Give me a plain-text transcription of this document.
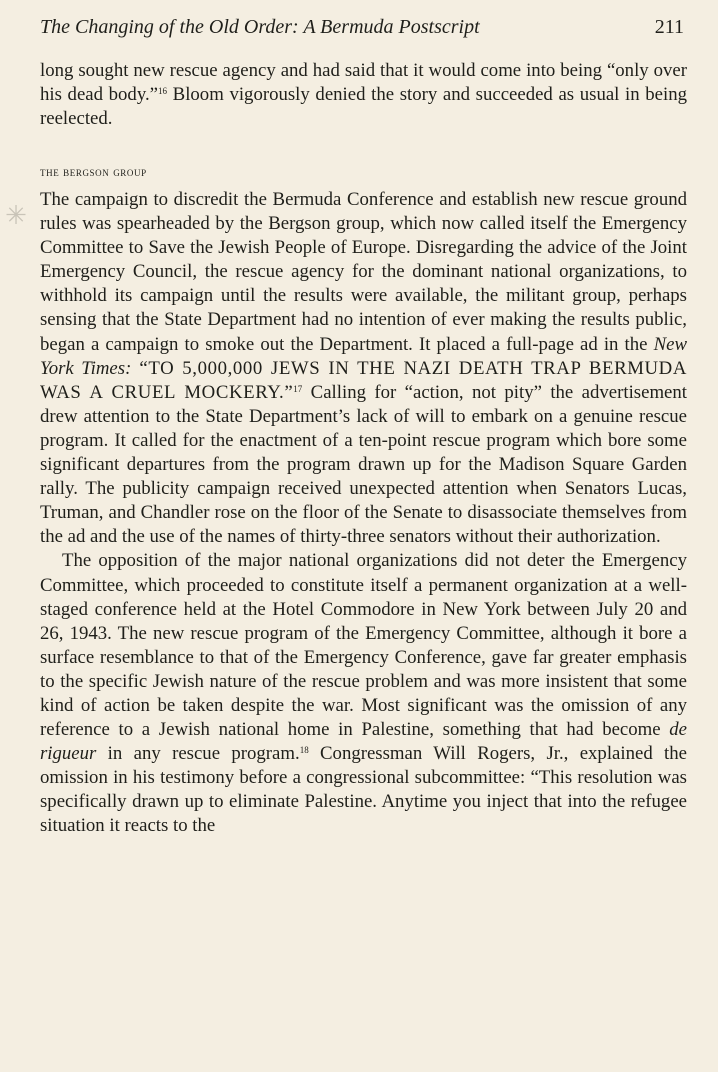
The Changing of the Old Order: A Bermuda Postscript	211

long sought new rescue agency and had said that it would come into being “only over his dead body.”$^{16}$ Bloom vigorously denied the story and succeeded as usual in being reelected.

the bergson group
✳

The campaign to discredit the Bermuda Conference and establish new rescue ground rules was spearheaded by the Bergson group, which now called itself the Emergency Committee to Save the Jewish People of Europe. Disregarding the advice of the Joint Emergency Council, the rescue agency for the dominant national organizations, to withhold its campaign until the results were available, the militant group, perhaps sensing that the State Department had no intention of ever making the results public, began a campaign to smoke out the Department. It placed a full-page ad in the New York Times: “TO 5,000,000 JEWS IN THE NAZI DEATH TRAP BERMUDA WAS A CRUEL MOCKERY.”$^{17}$ Calling for “action, not pity” the advertisement drew attention to the State Department’s lack of will to embark on a genuine rescue program. It called for the enactment of a ten-point rescue program which bore some significant departures from the program drawn up for the Madison Square Garden rally. The publicity campaign received unexpected attention when Senators Lucas, Truman, and Chandler rose on the floor of the Senate to disassociate themselves from the ad and the use of the names of thirty-three senators without their authorization.

The opposition of the major national organizations did not deter the Emergency Committee, which proceeded to constitute itself a permanent organization at a well-staged conference held at the Hotel Commodore in New York between July 20 and 26, 1943. The new rescue program of the Emergency Committee, although it bore a surface resemblance to that of the Emergency Conference, gave far greater emphasis to the specific Jewish nature of the rescue problem and was more insistent that some kind of action be taken despite the war. Most significant was the omission of any reference to a Jewish national home in Palestine, something that had become de rigueur in any rescue program.$^{18}$ Congressman Will Rogers, Jr., explained the omission in his testimony before a congressional subcommittee: “This resolution was specifically drawn up to eliminate Palestine. Anytime you inject that into the refugee situation it reacts to the
